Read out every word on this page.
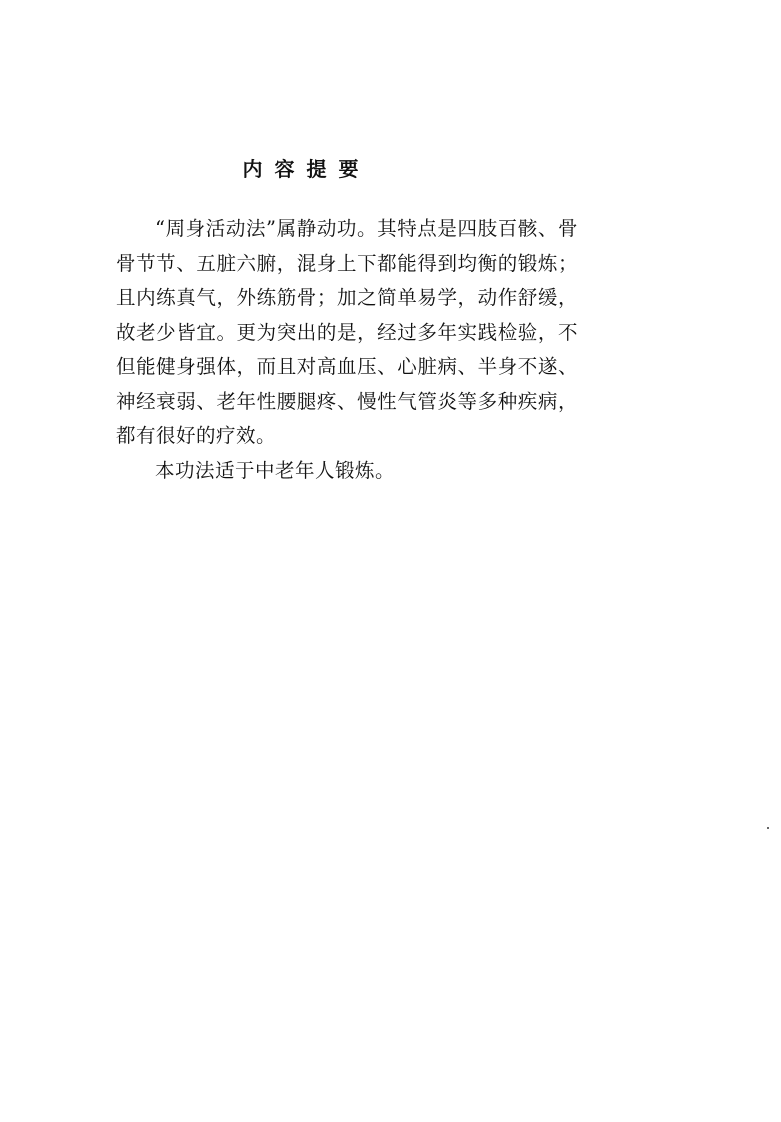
内容提要

“周身活动法”属静动功。其特点是四肢百骸、骨骨节节、五脏六腑，混身上下都能得到均衡的锻炼；且内练真气，外练筋骨；加之简单易学，动作舒缓，故老少皆宜。更为突出的是，经过多年实践检验，不但能健身强体，而且对高血压、心脏病、半身不遂、神经衰弱、老年性腰腿疼、慢性气管炎等多种疾病，都有很好的疗效。

本功法适于中老年人锻炼。
